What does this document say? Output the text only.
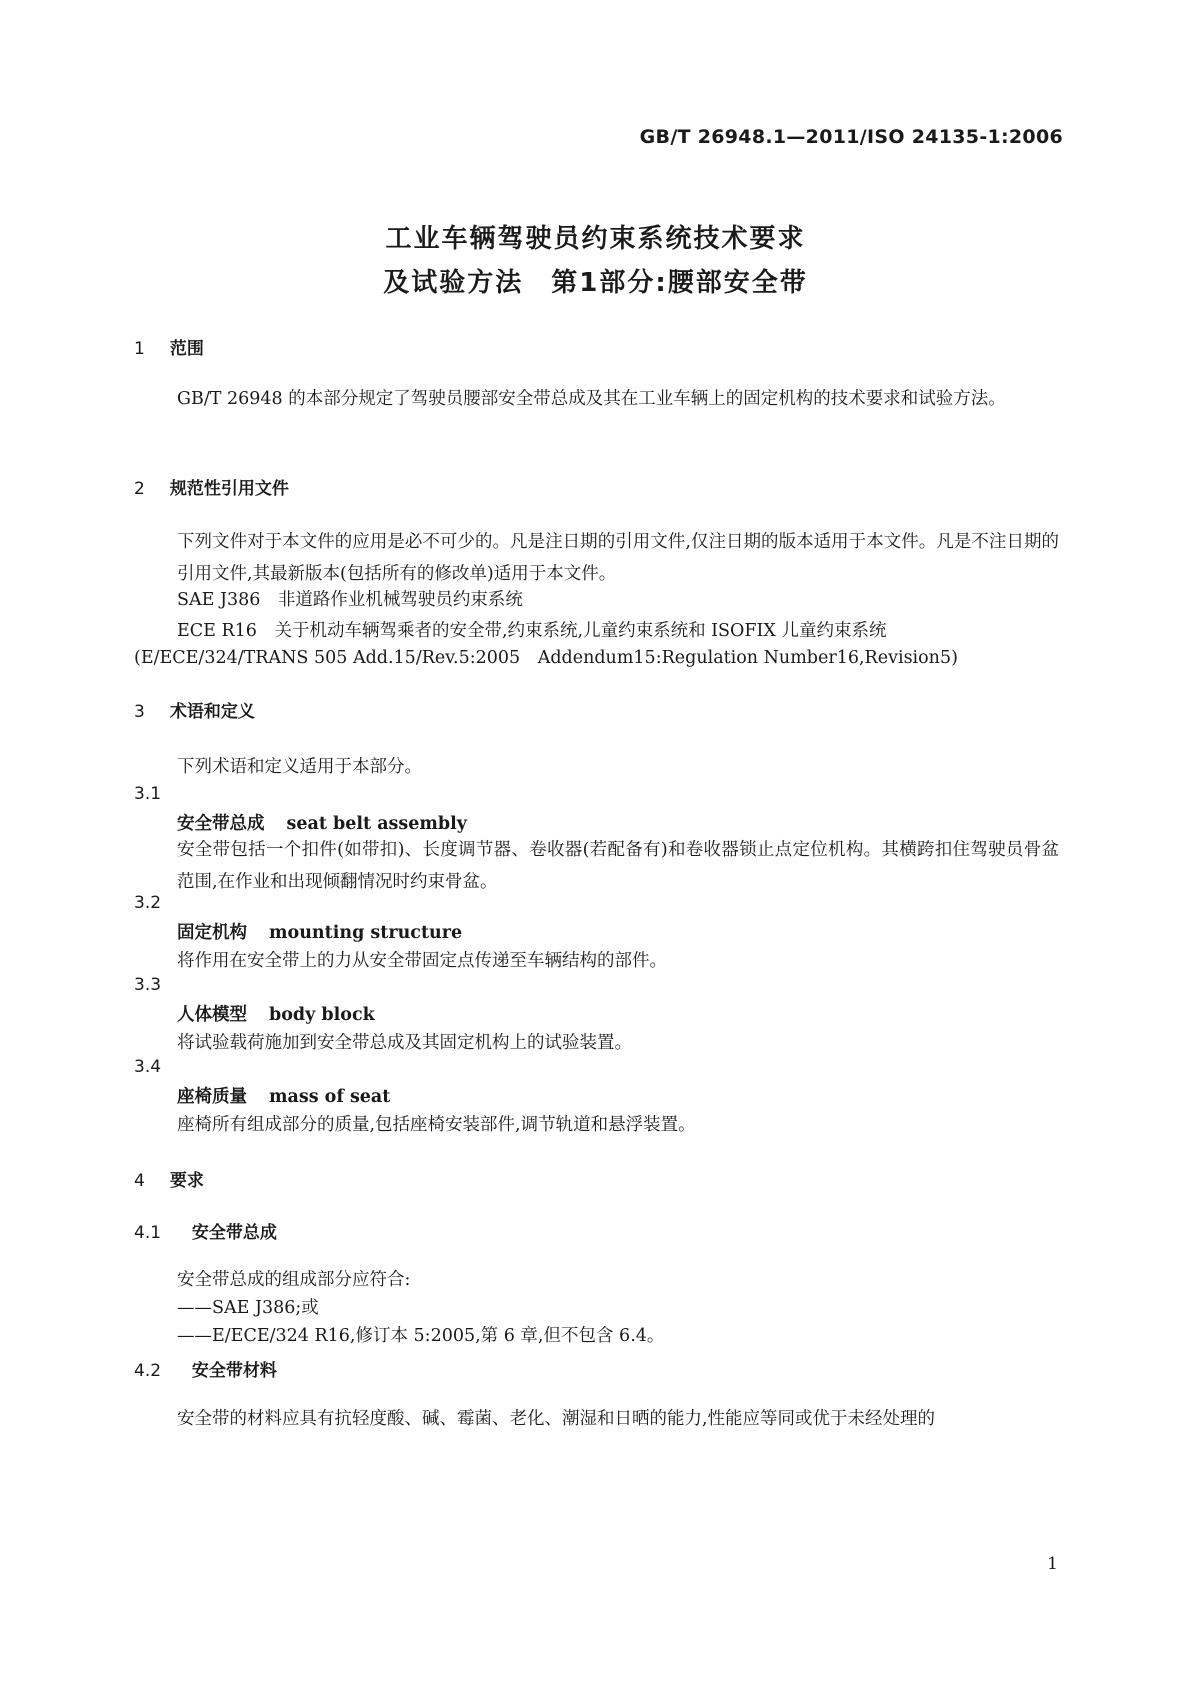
GB/T 26948.1—2011/ISO 24135-1:2006
工业车辆驾驶员约束系统技术要求
及试验方法　第1部分:腰部安全带
1 范围
GB/T 26948 的本部分规定了驾驶员腰部安全带总成及其在工业车辆上的固定机构的技术要求和试验方法。
2 规范性引用文件
下列文件对于本文件的应用是必不可少的。凡是注日期的引用文件,仅注日期的版本适用于本文件。凡是不注日期的引用文件,其最新版本(包括所有的修改单)适用于本文件。
SAE J386　非道路作业机械驾驶员约束系统
ECE R16　关于机动车辆驾乘者的安全带,约束系统,儿童约束系统和 ISOFIX 儿童约束系统
(E/ECE/324/TRANS 505 Add.15/Rev.5:2005　Addendum15:Regulation Number16,Revision5)
3 术语和定义
下列术语和定义适用于本部分。
3.1
安全带总成 seat belt assembly
安全带包括一个扣件(如带扣)、长度调节器、卷收器(若配备有)和卷收器锁止点定位机构。其横跨扣住驾驶员骨盆范围,在作业和出现倾翻情况时约束骨盆。
3.2
固定机构 mounting structure
将作用在安全带上的力从安全带固定点传递至车辆结构的部件。
3.3
人体模型 body block
将试验载荷施加到安全带总成及其固定机构上的试验装置。
3.4
座椅质量 mass of seat
座椅所有组成部分的质量,包括座椅安装部件,调节轨道和悬浮装置。
4 要求
4.1 安全带总成
安全带总成的组成部分应符合:
——SAE J386;或
——E/ECE/324 R16,修订本 5:2005,第 6 章,但不包含 6.4。
4.2 安全带材料
安全带的材料应具有抗轻度酸、碱、霉菌、老化、潮湿和日晒的能力,性能应等同或优于未经处理的
1
